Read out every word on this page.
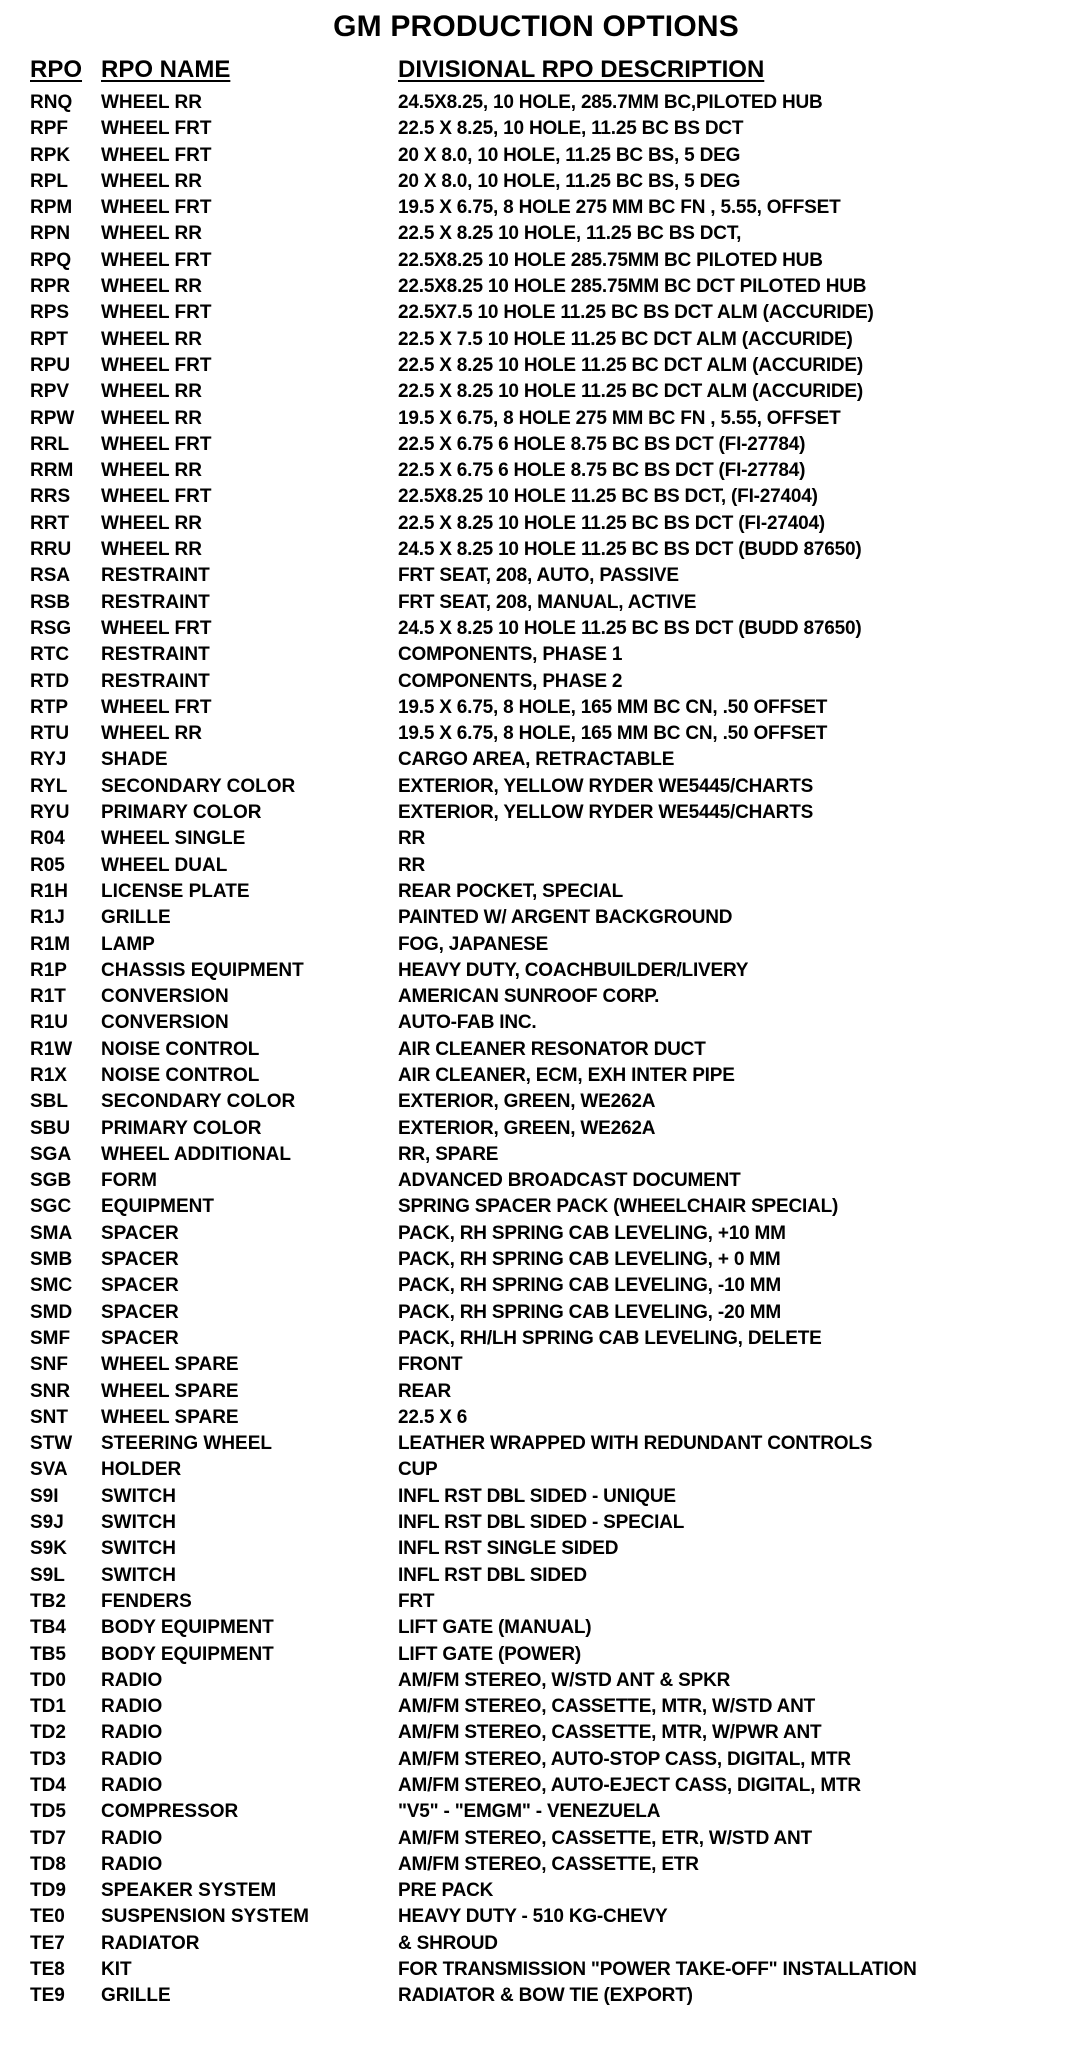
GM PRODUCTION OPTIONS
RPO RPO NAME	DIVISIONAL RPO DESCRIPTION
RNQ WHEEL RR	24.5X8.25, 10 HOLE, 285.7MM BC,PILOTED HUB
RPF WHEEL FRT	22.5 X 8.25, 10 HOLE, 11.25 BC BS DCT
RPK WHEEL FRT	20 X 8.0, 10 HOLE, 11.25 BC BS, 5 DEG
RPL WHEEL RR	20 X 8.0, 10 HOLE, 11.25 BC BS, 5 DEG
RPM WHEEL FRT	19.5 X 6.75, 8 HOLE 275 MM BC FN , 5.55, OFFSET
RPN WHEEL RR	22.5 X 8.25 10 HOLE, 11.25 BC BS DCT,
RPQ WHEEL FRT	22.5X8.25 10 HOLE 285.75MM BC PILOTED HUB
RPR WHEEL RR	22.5X8.25 10 HOLE 285.75MM BC DCT PILOTED HUB
RPS WHEEL FRT	22.5X7.5 10 HOLE 11.25 BC BS DCT ALM (ACCURIDE)
RPT WHEEL RR	22.5 X 7.5 10 HOLE 11.25 BC DCT ALM (ACCURIDE)
RPU WHEEL FRT	22.5 X 8.25 10 HOLE 11.25 BC DCT ALM (ACCURIDE)
RPV WHEEL RR	22.5 X 8.25 10 HOLE 11.25 BC DCT ALM (ACCURIDE)
RPW WHEEL RR	19.5 X 6.75, 8 HOLE 275 MM BC FN , 5.55, OFFSET
RRL WHEEL FRT	22.5 X 6.75 6 HOLE 8.75 BC BS DCT (FI-27784)
RRM WHEEL RR	22.5 X 6.75 6 HOLE 8.75 BC BS DCT (FI-27784)
RRS WHEEL FRT	22.5X8.25 10 HOLE 11.25 BC BS DCT, (FI-27404)
RRT WHEEL RR	22.5 X 8.25 10 HOLE 11.25 BC BS DCT (FI-27404)
RRU WHEEL RR	24.5 X 8.25 10 HOLE 11.25 BC BS DCT (BUDD 87650)
RSA RESTRAINT	FRT SEAT, 208, AUTO, PASSIVE
RSB RESTRAINT	FRT SEAT, 208, MANUAL, ACTIVE
RSG WHEEL FRT	24.5 X 8.25 10 HOLE 11.25 BC BS DCT (BUDD 87650)
RTC RESTRAINT	COMPONENTS, PHASE 1
RTD RESTRAINT	COMPONENTS, PHASE 2
RTP WHEEL FRT	19.5 X 6.75, 8 HOLE, 165 MM BC CN, .50 OFFSET
RTU WHEEL RR	19.5 X 6.75, 8 HOLE, 165 MM BC CN, .50 OFFSET
RYJ SHADE	CARGO AREA, RETRACTABLE
RYL SECONDARY COLOR	EXTERIOR, YELLOW RYDER WE5445/CHARTS
RYU PRIMARY COLOR	EXTERIOR, YELLOW RYDER WE5445/CHARTS
R04 WHEEL SINGLE	RR
R05 WHEEL DUAL	RR
R1H LICENSE PLATE	REAR POCKET, SPECIAL
R1J GRILLE	PAINTED W/ ARGENT BACKGROUND
R1M LAMP	FOG, JAPANESE
R1P CHASSIS EQUIPMENT	HEAVY DUTY, COACHBUILDER/LIVERY
R1T CONVERSION	AMERICAN SUNROOF CORP.
R1U CONVERSION	AUTO-FAB INC.
R1W NOISE CONTROL	AIR CLEANER RESONATOR DUCT
R1X NOISE CONTROL	AIR CLEANER, ECM, EXH INTER PIPE
SBL SECONDARY COLOR	EXTERIOR, GREEN, WE262A
SBU PRIMARY COLOR	EXTERIOR, GREEN, WE262A
SGA WHEEL ADDITIONAL	RR, SPARE
SGB FORM	ADVANCED BROADCAST DOCUMENT
SGC EQUIPMENT	SPRING SPACER PACK (WHEELCHAIR SPECIAL)
SMA SPACER	PACK, RH SPRING CAB LEVELING, +10 MM
SMB SPACER	PACK, RH SPRING CAB LEVELING, + 0 MM
SMC SPACER	PACK, RH SPRING CAB LEVELING, -10 MM
SMD SPACER	PACK, RH SPRING CAB LEVELING, -20 MM
SMF SPACER	PACK, RH/LH SPRING CAB LEVELING, DELETE
SNF WHEEL SPARE	FRONT
SNR WHEEL SPARE	REAR
SNT WHEEL SPARE	22.5 X 6
STW STEERING WHEEL	LEATHER WRAPPED WITH REDUNDANT CONTROLS
SVA HOLDER	CUP
S9I SWITCH	INFL RST DBL SIDED - UNIQUE
S9J SWITCH	INFL RST DBL SIDED - SPECIAL
S9K SWITCH	INFL RST SINGLE SIDED
S9L SWITCH	INFL RST DBL SIDED
TB2 FENDERS	FRT
TB4 BODY EQUIPMENT	LIFT GATE (MANUAL)
TB5 BODY EQUIPMENT	LIFT GATE (POWER)
TD0 RADIO	AM/FM STEREO, W/STD ANT & SPKR
TD1 RADIO	AM/FM STEREO, CASSETTE, MTR, W/STD ANT
TD2 RADIO	AM/FM STEREO, CASSETTE, MTR, W/PWR ANT
TD3 RADIO	AM/FM STEREO, AUTO-STOP CASS, DIGITAL, MTR
TD4 RADIO	AM/FM STEREO, AUTO-EJECT CASS, DIGITAL, MTR
TD5 COMPRESSOR	"V5" - "EMGM" - VENEZUELA
TD7 RADIO	AM/FM STEREO, CASSETTE, ETR, W/STD ANT
TD8 RADIO	AM/FM STEREO, CASSETTE, ETR
TD9 SPEAKER SYSTEM	PRE PACK
TE0 SUSPENSION SYSTEM	HEAVY DUTY - 510 KG-CHEVY
TE7 RADIATOR	& SHROUD
TE8 KIT	FOR TRANSMISSION "POWER TAKE-OFF" INSTALLATION
TE9 GRILLE	RADIATOR & BOW TIE (EXPORT)
